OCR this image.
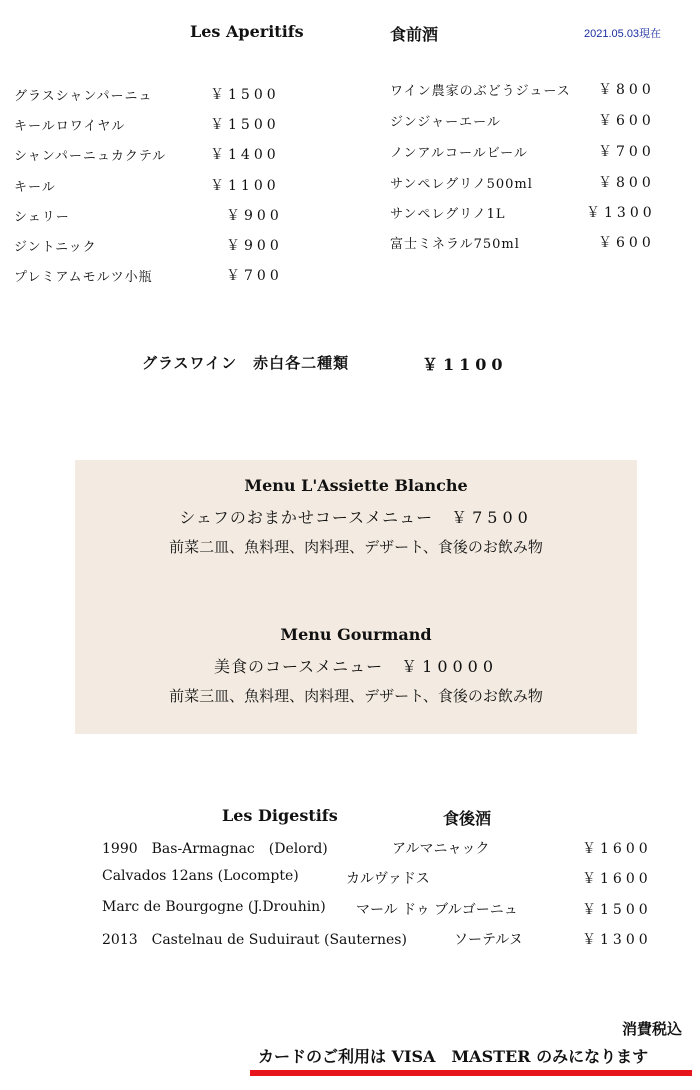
2021.05.03現在
Les Aperitifs	食前酒
グラスシャンパーニュ	￥1500
キールロワイヤル	￥1500
シャンパーニュカクテル	￥1400
キール	￥1100
シェリー	￥900
ジントニック	￥900
プレミアムモルツ小瓶	￥700
ワイン農家のぶどうジュース ￥800
ジンジャーエール	￥600
ノンアルコールビール	￥700
サンペレグリノ500ml	￥800
サンペレグリノ1L	￥1300
富士ミネラル750ml	￥600
グラスワイン　赤白各二種類	￥1100
Menu L'Assiette Blanche
シェフのおまかせコースメニュー ￥7500
前菜二皿、魚料理、肉料理、デザート、食後のお飲み物
Menu Gourmand
美食のコースメニュー ￥10000
前菜三皿、魚料理、肉料理、デザート、食後のお飲み物
Les Digestifs	食後酒
1990　Bas-Armagnac　(Delord)	アルマニャック	￥1600
Calvados 12ans (Locompte)	カルヴァドス	￥1600
Marc de Bourgogne (J.Drouhin) マール ドゥ ブルゴーニュ	￥1500
2013　Castelnau de Suduiraut (Sauternes)	ソーテルヌ	￥1300
消費税込
カードのご利用は VISA　MASTER のみになります
